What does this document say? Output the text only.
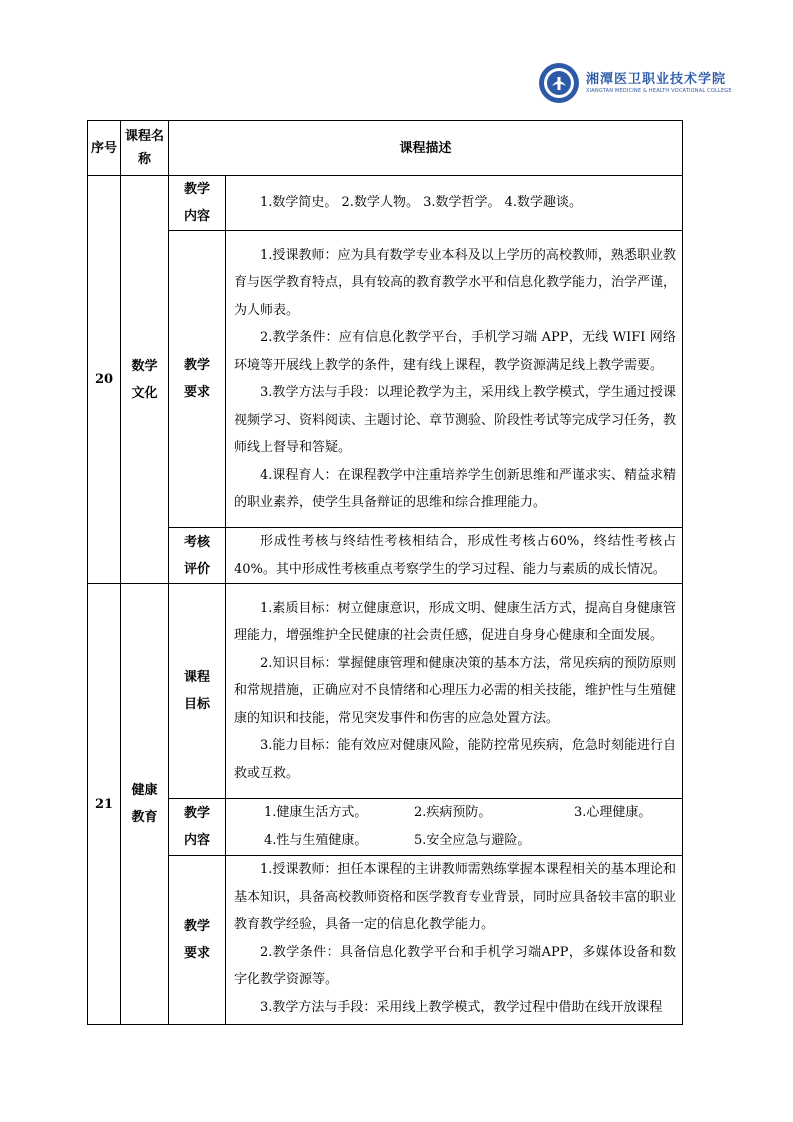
湘潭医卫职业技术学院
XIANGTAN MEDICINE & HEALTH VOCATIONAL COLLEGE
序号	课程名称	课程描述	
20	数学文化	教学内容	1.数学简史。 2.数学人物。 3.数学哲学。 4.数学趣谈。

		教学要求	1.授课教师：应为具有数学专业本科及以上学历的高校教师，熟悉职业教育与医学教育特点，具有较高的教育教学水平和信息化教学能力，治学严谨，为人师表。

2.教学条件：应有信息化教学平台，手机学习端 APP，无线 WIFI 网络环境等开展线上教学的条件，建有线上课程，教学资源满足线上教学需要。

3.教学方法与手段：以理论教学为主，采用线上教学模式，学生通过授课视频学习、资料阅读、主题讨论、章节测验、阶段性考试等完成学习任务，教师线上督导和答疑。

4.课程育人：在课程教学中注重培养学生创新思维和严谨求实、精益求精的职业素养，使学生具备辩证的思维和综合推理能力。

		考核评价	形成性考核与终结性考核相结合，形成性考核占60%，终结性考核占40%。其中形成性考核重点考察学生的学习过程、能力与素质的成长情况。

21	健康教育	课程目标	1.素质目标：树立健康意识，形成文明、健康生活方式，提高自身健康管理能力，增强维护全民健康的社会责任感，促进自身身心健康和全面发展。

2.知识目标：掌握健康管理和健康决策的基本方法，常见疾病的预防原则和常规措施，正确应对不良情绪和心理压力必需的相关技能，维护性与生殖健康的知识和技能，常见突发事件和伤害的应急处置方法。

3.能力目标：能有效应对健康风险，能防控常见疾病，危急时刻能进行自救或互救。

		教学内容	1.健康生活方式。 2.疾病预防。 3.心理健康。
4.性与生殖健康。 5.安全应急与避险。

		教学要求	1.授课教师：担任本课程的主讲教师需熟练掌握本课程相关的基本理论和基本知识，具备高校教师资格和医学教育专业背景，同时应具备较丰富的职业教育教学经验，具备一定的信息化教学能力。

2.教学条件：具备信息化教学平台和手机学习端APP，多媒体设备和数字化教学资源等。

3.教学方法与手段：采用线上教学模式，教学过程中借助在线开放课程
